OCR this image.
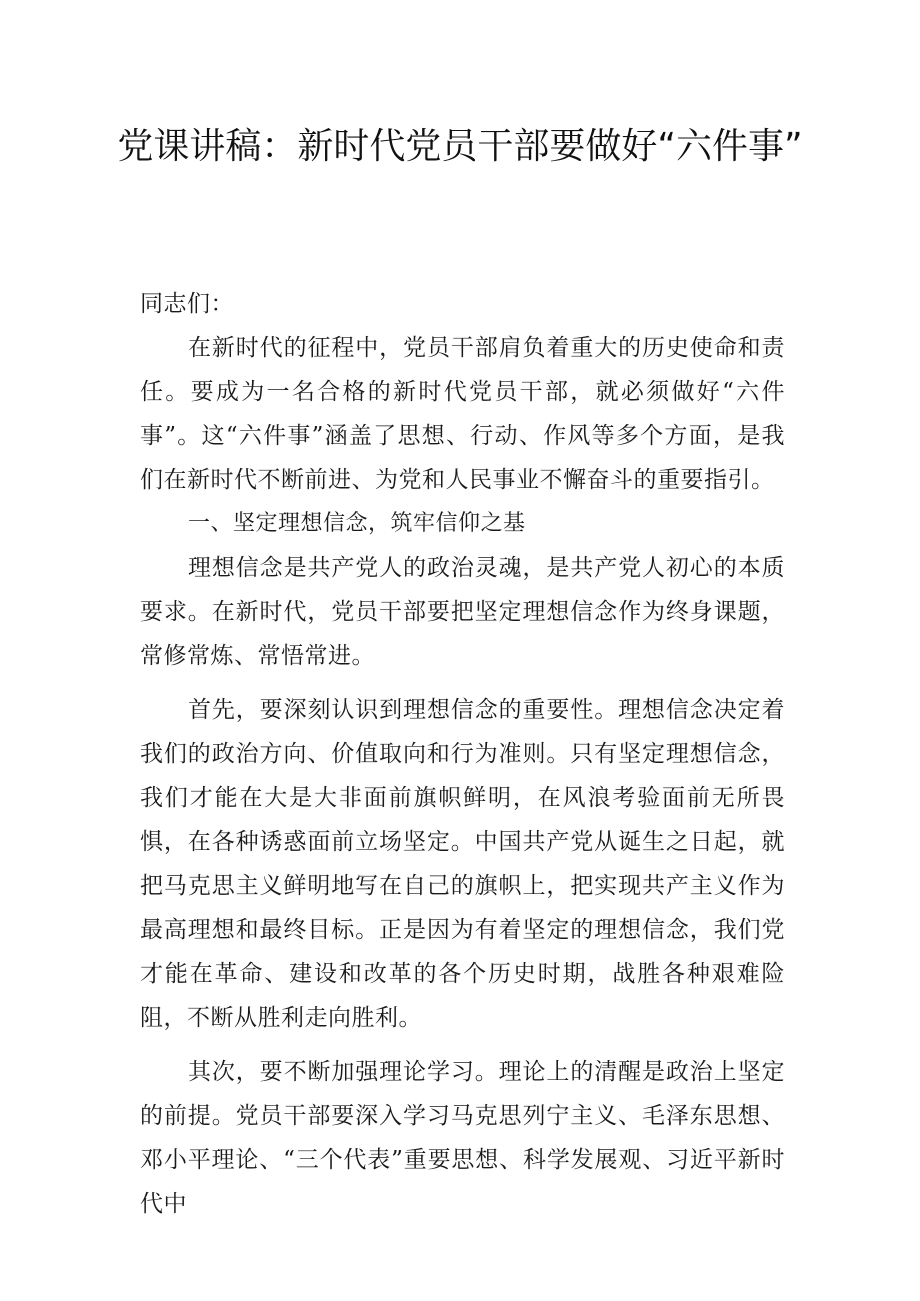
党课讲稿：新时代党员干部要做好“六件事”

同志们：

在新时代的征程中，党员干部肩负着重大的历史使命和责任。要成为一名合格的新时代党员干部，就必须做好“六件事”。这“六件事”涵盖了思想、行动、作风等多个方面，是我们在新时代不断前进、为党和人民事业不懈奋斗的重要指引。

一、坚定理想信念，筑牢信仰之基

理想信念是共产党人的政治灵魂，是共产党人初心的本质要求。在新时代，党员干部要把坚定理想信念作为终身课题，常修常炼、常悟常进。

首先，要深刻认识到理想信念的重要性。理想信念决定着我们的政治方向、价值取向和行为准则。只有坚定理想信念，我们才能在大是大非面前旗帜鲜明，在风浪考验面前无所畏惧，在各种诱惑面前立场坚定。中国共产党从诞生之日起，就把马克思主义鲜明地写在自己的旗帜上，把实现共产主义作为最高理想和最终目标。正是因为有着坚定的理想信念，我们党才能在革命、建设和改革的各个历史时期，战胜各种艰难险阻，不断从胜利走向胜利。

其次，要不断加强理论学习。理论上的清醒是政治上坚定的前提。党员干部要深入学习马克思列宁主义、毛泽东思想、邓小平理论、“三个代表”重要思想、科学发展观、习近平新时代中
